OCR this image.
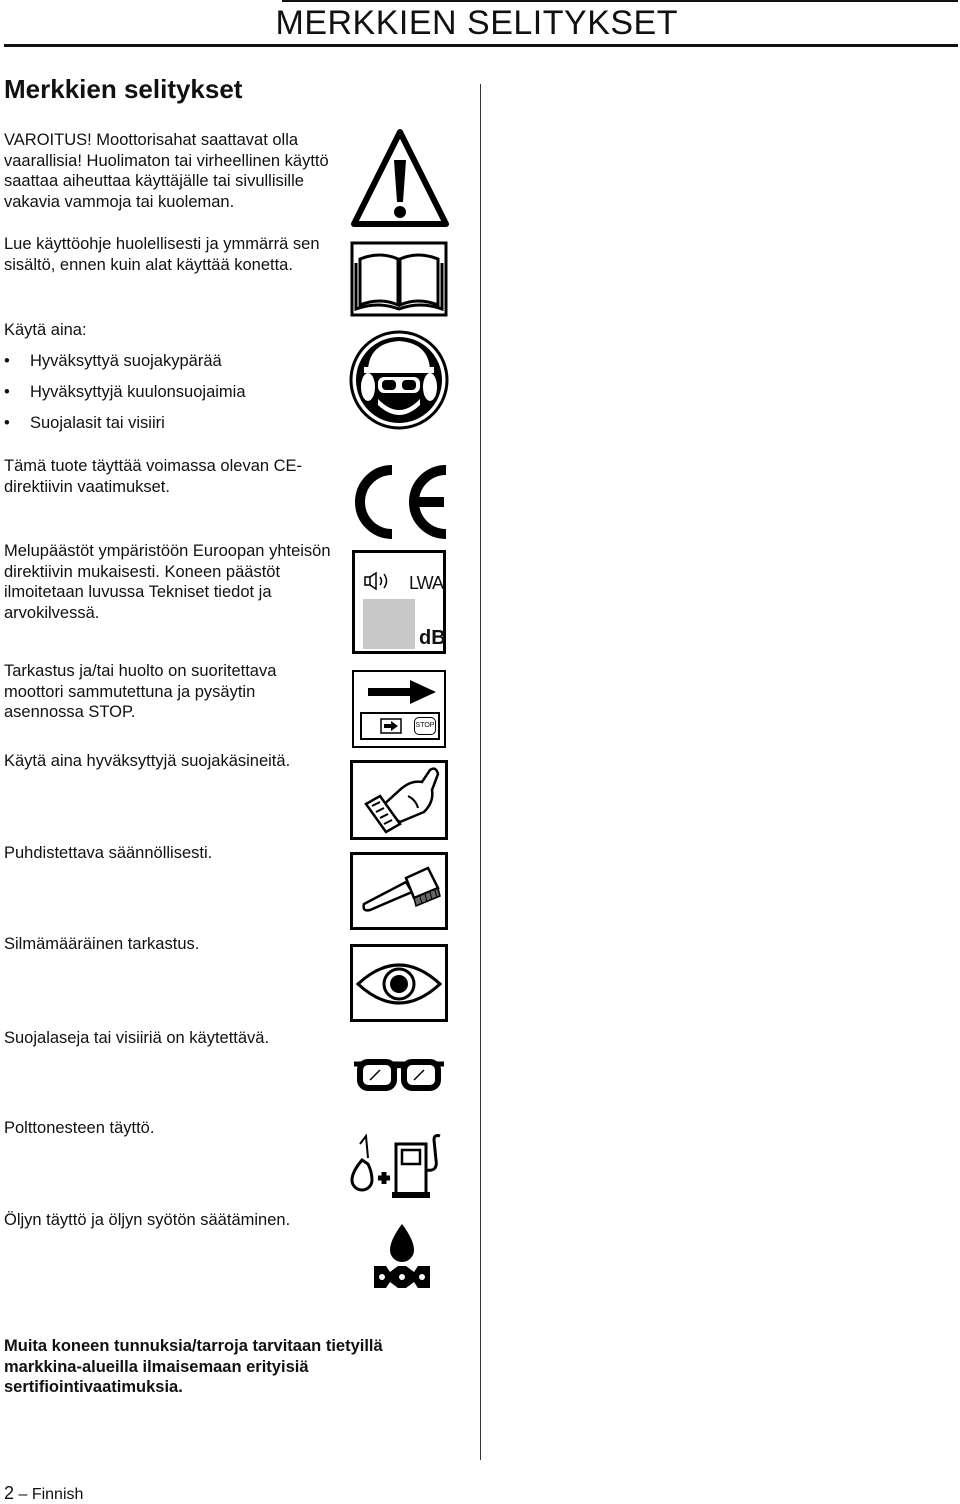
MERKKIEN SELITYKSET
Merkkien selitykset
VAROITUS! Moottorisahat saattavat olla vaarallisia! Huolimaton tai virheellinen käyttö saattaa aiheuttaa käyttäjälle tai sivullisille vakavia vammoja tai kuoleman.
Lue käyttöohje huolellisesti ja ymmärrä sen sisältö, ennen kuin alat käyttää konetta.
Käytä aina:
• Hyväksyttyä suojakypärää
• Hyväksyttyjä kuulonsuojaimia
• Suojalasit tai visiiri
Tämä tuote täyttää voimassa olevan CE-direktiivin vaatimukset.
Melupäästöt ympäristöön Euroopan yhteisön direktiivin mukaisesti. Koneen päästöt ilmoitetaan luvussa Tekniset tiedot ja arvokilvessä.
Tarkastus ja/tai huolto on suoritettava moottori sammutettuna ja pysäytin asennossa STOP.
Käytä aina hyväksyttyjä suojakäsineitä.
Puhdistettava säännöllisesti.
Silmämääräinen tarkastus.
Suojalaseja tai visiiriä on käytettävä.
Polttonesteen täyttö.
Öljyn täyttö ja öljyn syötön säätäminen.
Muita koneen tunnuksia/tarroja tarvitaan tietyillä markkina-alueilla ilmaisemaan erityisiä sertifiointivaatimuksia.
LWA
dB
STOP
2 – Finnish
